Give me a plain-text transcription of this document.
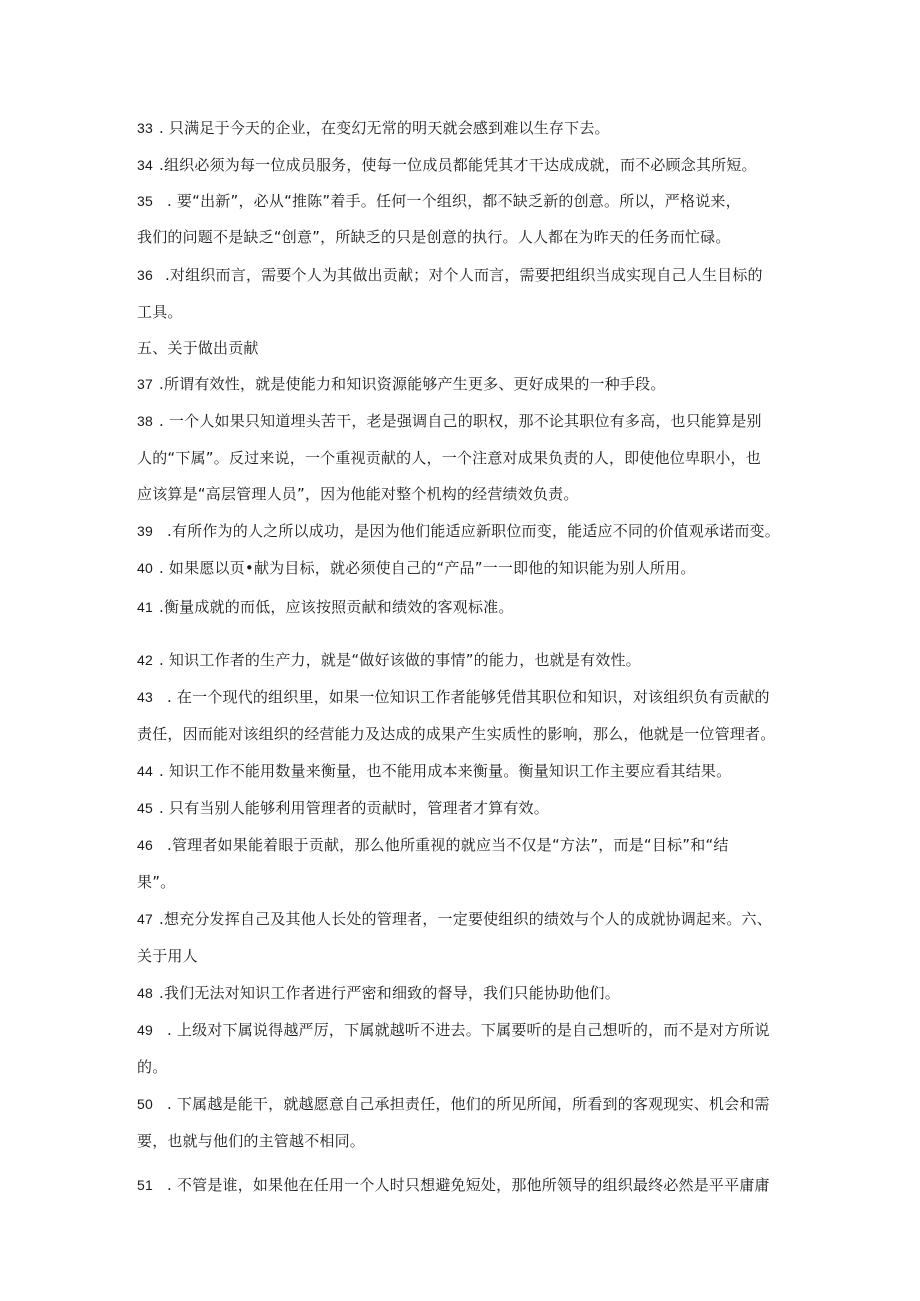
33 . 只满足于今天的企业，在变幻无常的明天就会感到难以生存下去。
34 .组织必须为每一位成员服务，使每一位成员都能凭其才干达成成就，而不必顾念其所短。
35 . 要“出新”，必从“推陈”着手。任何一个组织，都不缺乏新的创意。所以，严格说来，
我们的问题不是缺乏“创意”，所缺乏的只是创意的执行。人人都在为昨天的任务而忙碌。
36 .对组织而言，需要个人为其做出贡献；对个人而言，需要把组织当成实现自己人生目标的
工具。
五、关于做出贡献
37 .所谓有效性，就是使能力和知识资源能够产生更多、更好成果的一种手段。
38 . 一个人如果只知道埋头苦干，老是强调自己的职权，那不论其职位有多高，也只能算是别
人的“下属”。反过来说，一个重视贡献的人，一个注意对成果负责的人，即使他位卑职小，也
应该算是“高层管理人员”，因为他能对整个机构的经营绩效负责。
39 .有所作为的人之所以成功，是因为他们能适应新职位而变，能适应不同的价值观承诺而变。
40 . 如果愿以页•献为目标，就必须使自己的“产品”一一即他的知识能为别人所用。
41 .衡量成就的而低，应该按照贡献和绩效的客观标准。
42 . 知识工作者的生产力，就是“做好该做的事情”的能力，也就是有效性。
43 . 在一个现代的组织里，如果一位知识工作者能够凭借其职位和知识，对该组织负有贡献的
责任，因而能对该组织的经营能力及达成的成果产生实质性的影响，那么，他就是一位管理者。
44 . 知识工作不能用数量来衡量，也不能用成本来衡量。衡量知识工作主要应看其结果。
45 . 只有当别人能够利用管理者的贡献时，管理者才算有效。
46 .管理者如果能着眼于贡献，那么他所重视的就应当不仅是“方法”，而是“目标”和“结
果”。
47 .想充分发挥自己及其他人长处的管理者，一定要使组织的绩效与个人的成就协调起来。六、
关于用人
48 .我们无法对知识工作者进行严密和细致的督导，我们只能协助他们。
49 . 上级对下属说得越严厉，下属就越听不进去。下属要听的是自己想听的，而不是对方所说
的。
50 . 下属越是能干，就越愿意自己承担责任，他们的所见所闻，所看到的客观现实、机会和需
要，也就与他们的主管越不相同。
51 . 不管是谁，如果他在任用一个人时只想避免短处，那他所领导的组织最终必然是平平庸庸
